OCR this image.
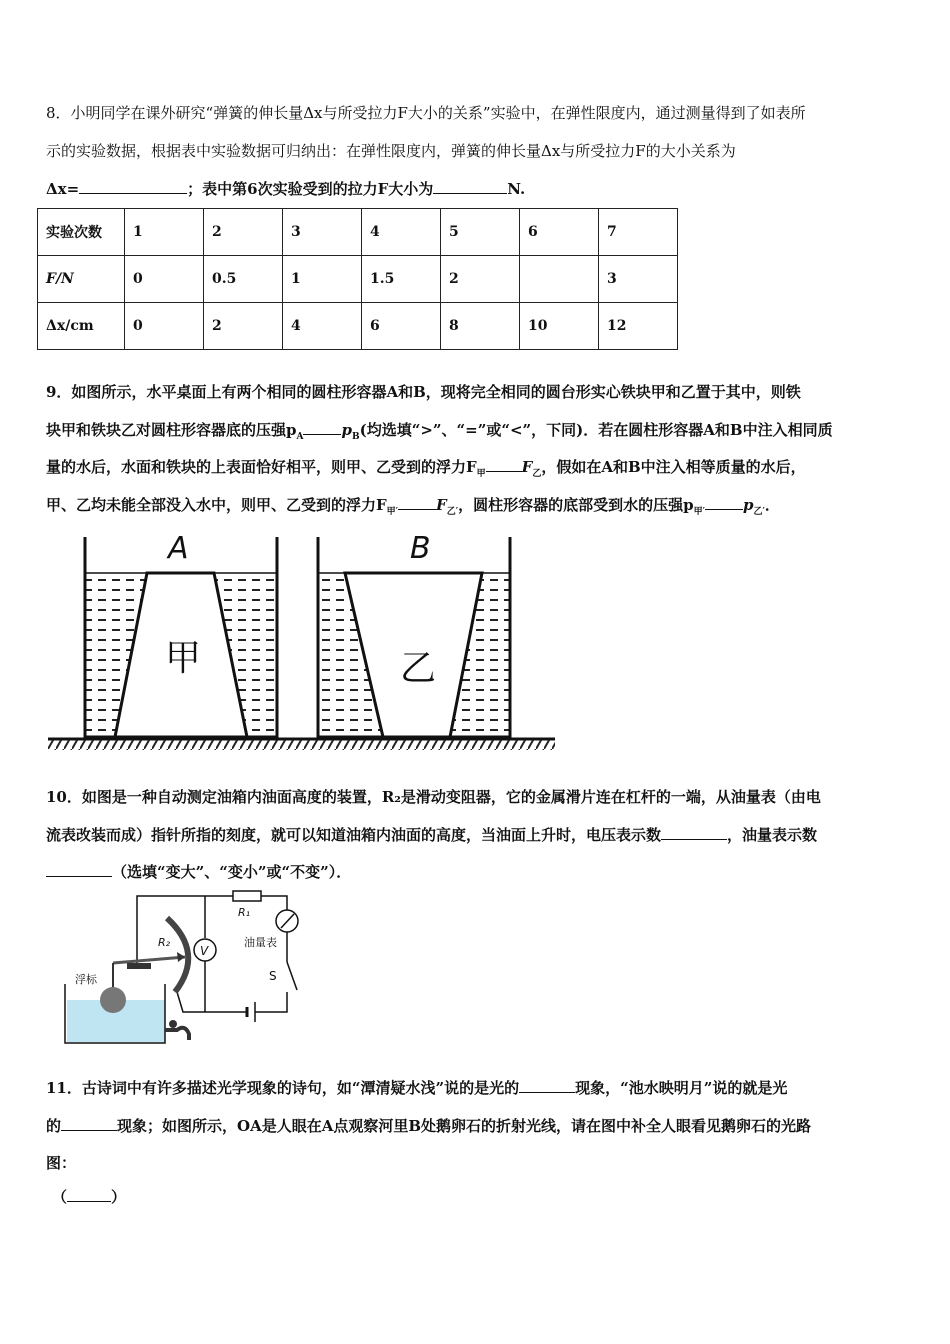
8．小明同学在课外研究“弹簧的伸长量Δx与所受拉力F大小的关系”实验中，在弹性限度内，通过测量得到了如表所
示的实验数据，根据表中实验数据可归纳出：在弹性限度内，弹簧的伸长量Δx与所受拉力F的大小关系为
Δx=	；表中第6次实验受到的拉力F大小为	N.
实验次数	1	2	3	4	5	6	7
F/N	0	0.5	1	1.5	2		3
Δx/cm	0	2	4	6	8	10	12
9．如图所示，水平桌面上有两个相同的圆柱形容器A和B，现将完全相同的圆台形实心铁块甲和乙置于其中，则铁
块甲和铁块乙对圆柱形容器底的压强$p_A$	$p_B$(均选填“>”、“=”或“<”，下同)．若在圆柱形容器A和B中注入相同质
量的水后，水面和铁块的上表面恰好相平，则甲、乙受到的浮力$F_甲$ $F_乙$，假如在A和B中注入相等质量的水后，
甲、乙均未能全部没入水中，则甲、乙受到的浮力$F_{甲'}$	$F_{乙'}$，圆柱形容器的底部受到水的压强$p_{甲'}$	$p_{乙'}$．
A
甲
B
乙
10．如图是一种自动测定油箱内油面高度的装置，R₂是滑动变阻器，它的金属滑片连在杠杆的一端，从油量表（由电
流表改装而成）指针所指的刻度，就可以知道油箱内油面的高度，当油面上升时，电压表示数	，油量表示数
（选填“变大”、“变小”或“不变”）．
V
R₁
R₂	油量表
S
浮标
11．古诗词中有许多描述光学现象的诗句，如“潭清疑水浅”说的是光的	现象，“池水映明月”说的就是光
的	现象；如图所示，OA是人眼在A点观察河里B处鹅卵石的折射光线，请在图中补全人眼看见鹅卵石的光路
图：
（	）
